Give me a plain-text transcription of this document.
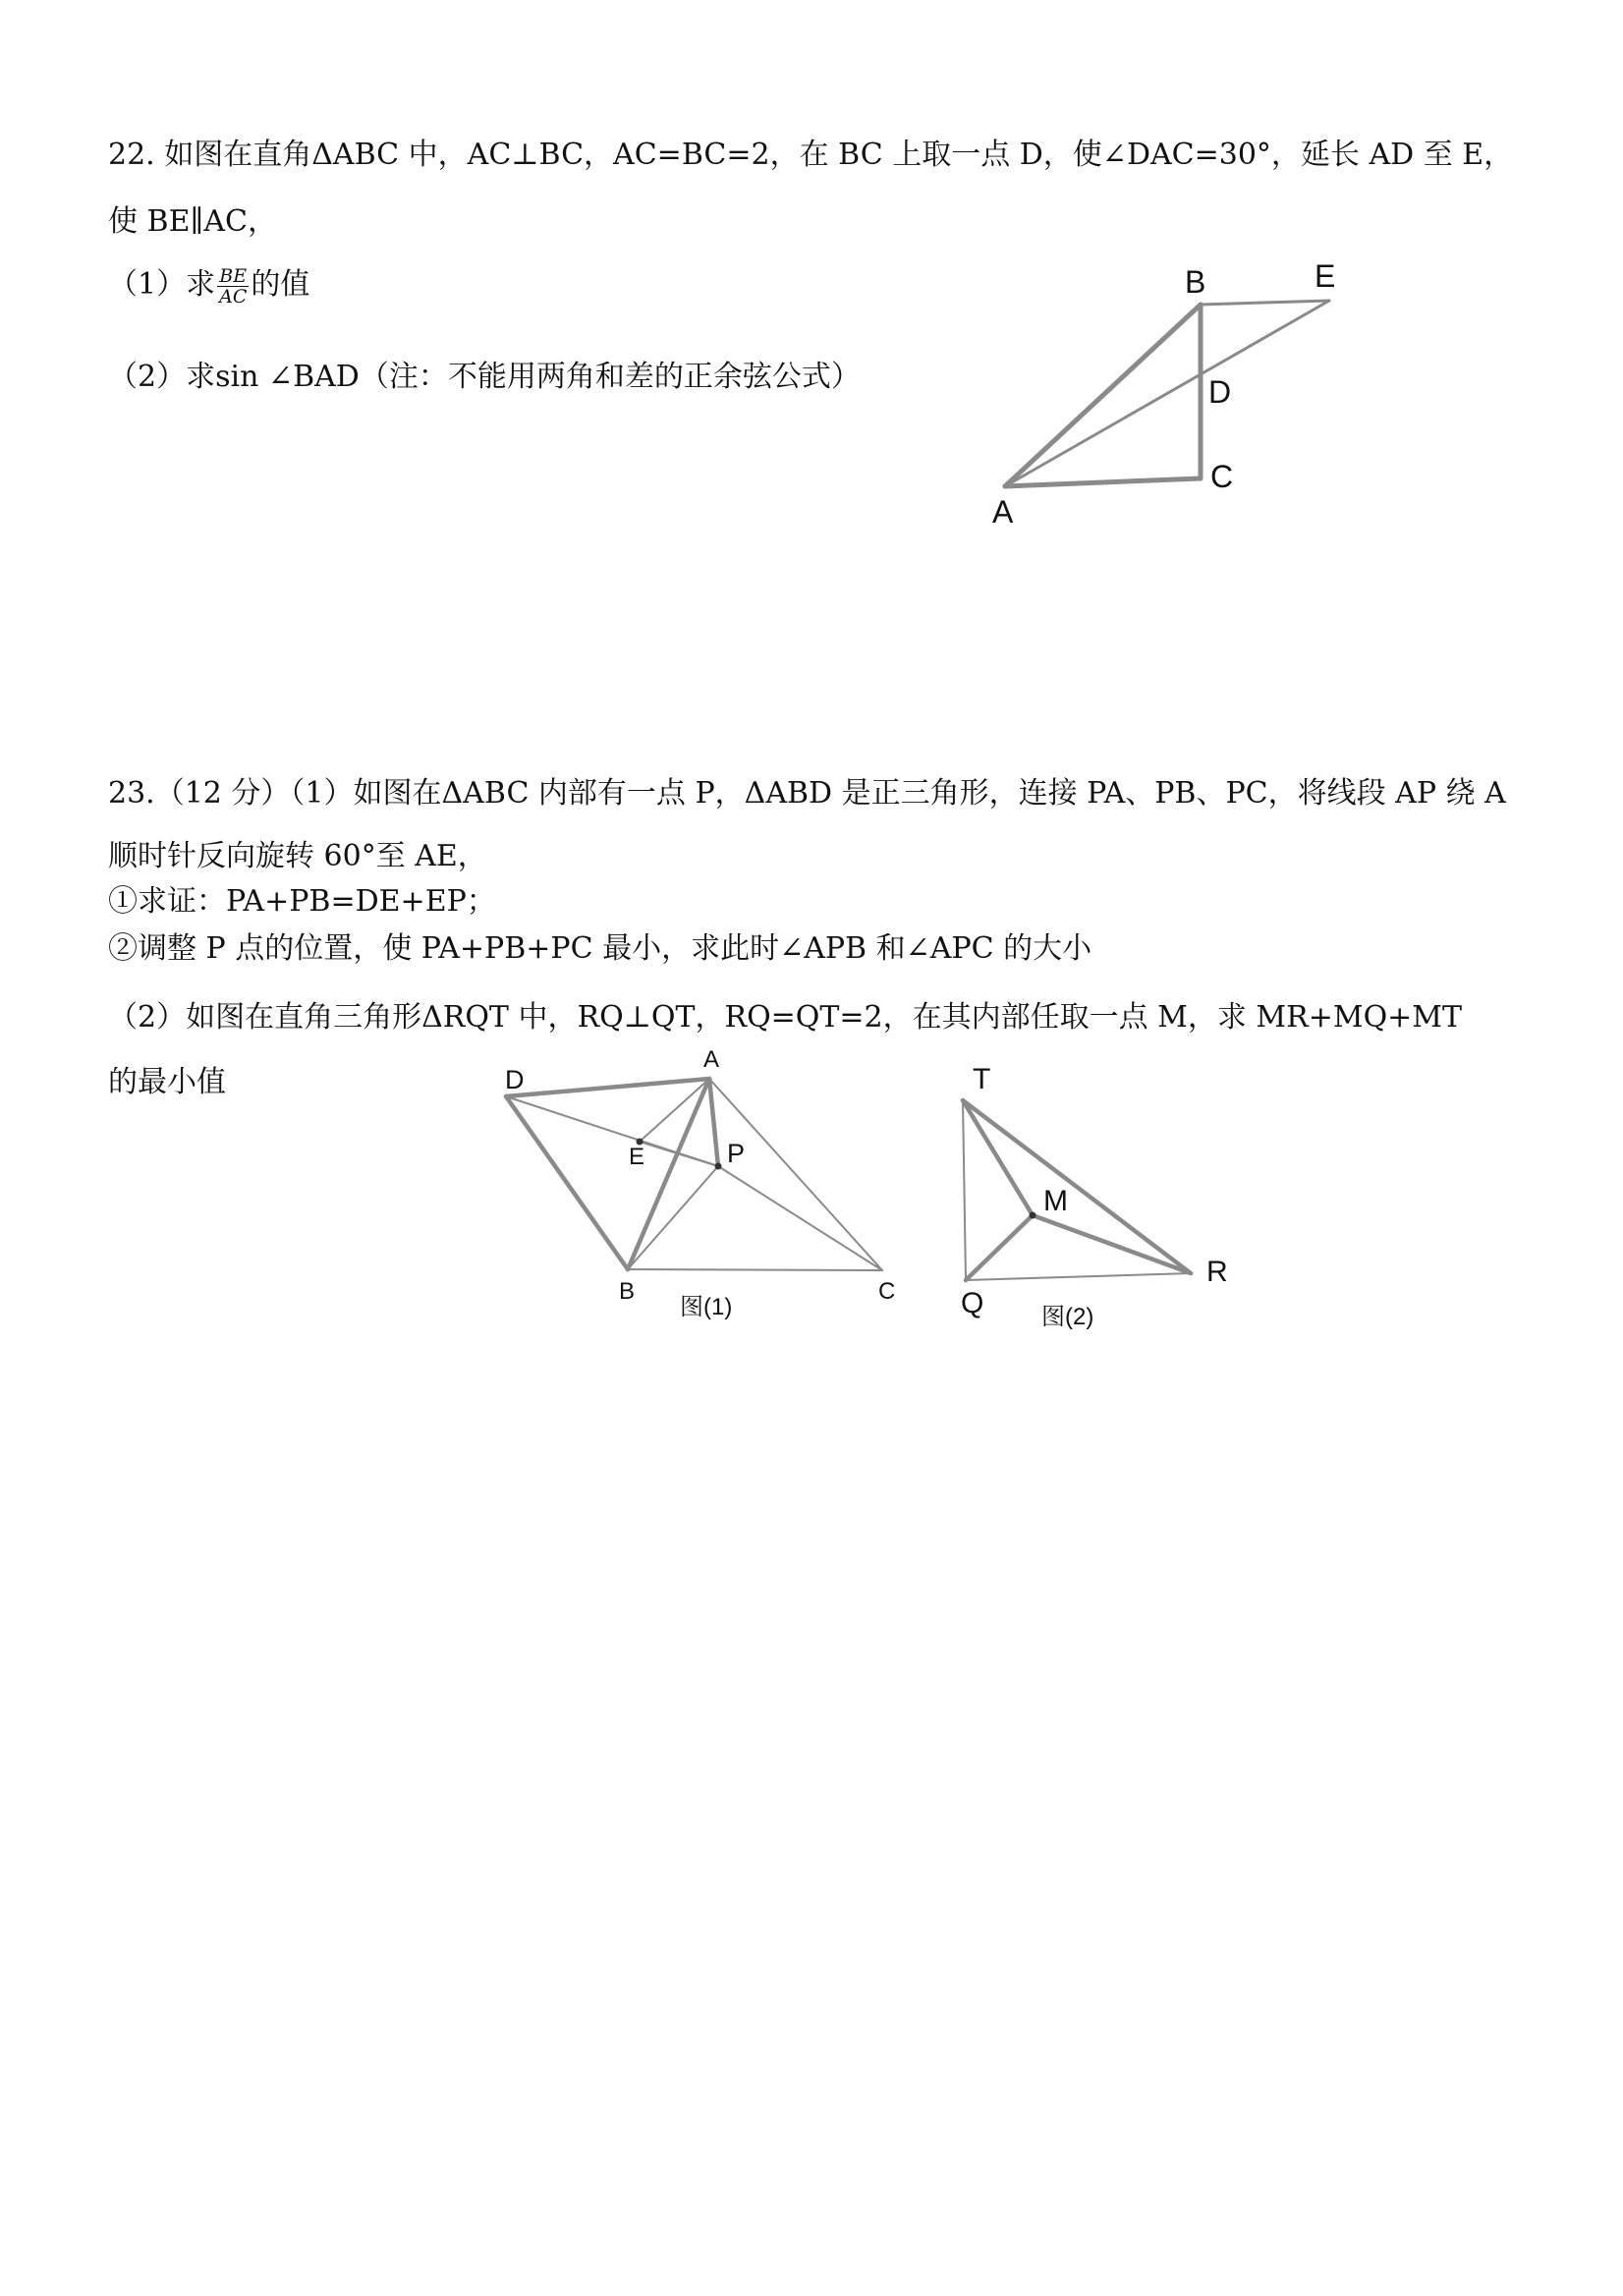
22. 如图在直角ΔABC 中，AC⊥BC，AC=BC=2，在 BC 上取一点 D，使∠DAC=30°，延长 AD 至 E，
使 BE∥AC，
（1）求 $\frac{BE}{AC}$ 的值
（2）求sin ∠BAD（注：不能用两角和差的正余弦公式）
A
B
C
D
E
23.（12 分）（1）如图在ΔABC 内部有一点 P，ΔABD 是正三角形，连接 PA、PB、PC，将线段 AP 绕 A
顺时针反向旋转 60°至 AE，
①求证：PA+PB=DE+EP；
②调整 P 点的位置，使 PA+PB+PC 最小，求此时∠APB 和∠APC 的大小
（2）如图在直角三角形ΔRQT 中，RQ⊥QT，RQ=QT=2，在其内部任取一点 M，求 MR+MQ+MT
的最小值	D
A
E	P
B	C
图(1)
T
M
Q
R
图(2)
